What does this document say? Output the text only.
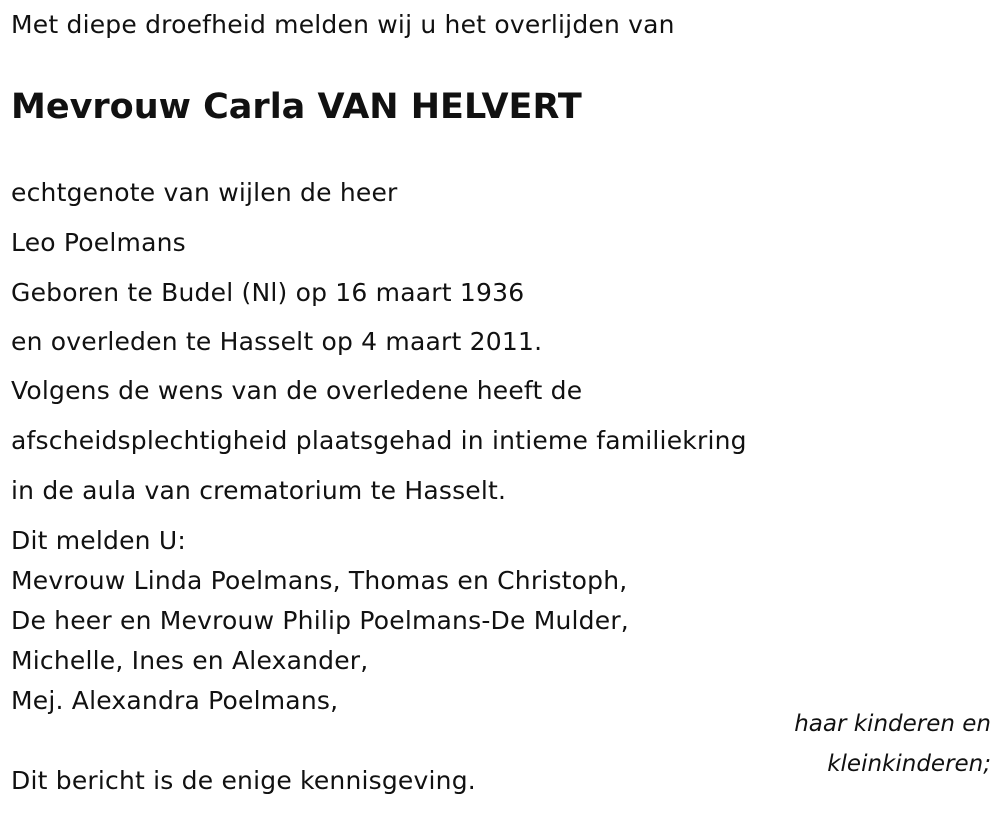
Met diepe droefheid melden wij u het overlijden van
Mevrouw Carla VAN HELVERT
echtgenote van wijlen de heer
Leo Poelmans
Geboren te Budel (Nl) op 16 maart 1936
en overleden te Hasselt op 4 maart 2011.
Volgens de wens van de overledene heeft de
afscheidsplechtigheid plaatsgehad in intieme familiekring
in de aula van crematorium te Hasselt.
Dit melden U:
Mevrouw Linda Poelmans, Thomas en Christoph,
De heer en Mevrouw Philip Poelmans-De Mulder,
Michelle, Ines en Alexander,
Mej. Alexandra Poelmans,
haar kinderen en
kleinkinderen;
Dit bericht is de enige kennisgeving.
